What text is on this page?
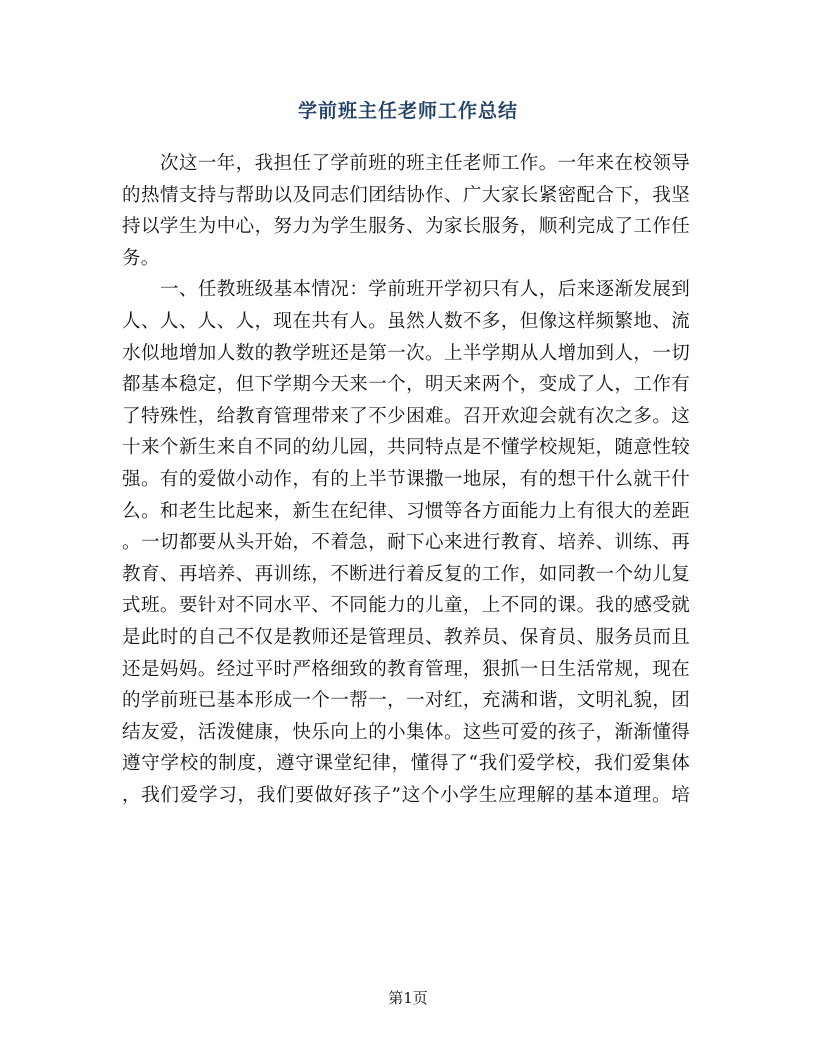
学前班主任老师工作总结
次这一年，我担任了学前班的班主任老师工作。一年来在校领导
的热情支持与帮助以及同志们团结协作、广大家长紧密配合下，我坚
持以学生为中心，努力为学生服务、为家长服务，顺利完成了工作任
务。
一、任教班级基本情况：学前班开学初只有人，后来逐渐发展到
人、人、人、人，现在共有人。虽然人数不多，但像这样频繁地、流
水似地增加人数的教学班还是第一次。上半学期从人增加到人，一切
都基本稳定，但下学期今天来一个，明天来两个，变成了人，工作有
了特殊性，给教育管理带来了不少困难。召开欢迎会就有次之多。这
十来个新生来自不同的幼儿园，共同特点是不懂学校规矩，随意性较
强。有的爱做小动作，有的上半节课撒一地尿，有的想干什么就干什
么。和老生比起来，新生在纪律、习惯等各方面能力上有很大的差距
。一切都要从头开始，不着急，耐下心来进行教育、培养、训练、再
教育、再培养、再训练，不断进行着反复的工作，如同教一个幼儿复
式班。要针对不同水平、不同能力的儿童，上不同的课。我的感受就
是此时的自己不仅是教师还是管理员、教养员、保育员、服务员而且
还是妈妈。经过平时严格细致的教育管理，狠抓一日生活常规，现在
的学前班已基本形成一个一帮一，一对红，充满和谐，文明礼貌，团
结友爱，活泼健康，快乐向上的小集体。这些可爱的孩子，渐渐懂得
遵守学校的制度，遵守课堂纪律，懂得了“我们爱学校，我们爱集体
，我们爱学习，我们要做好孩子”这个小学生应理解的基本道理。培
第1页
